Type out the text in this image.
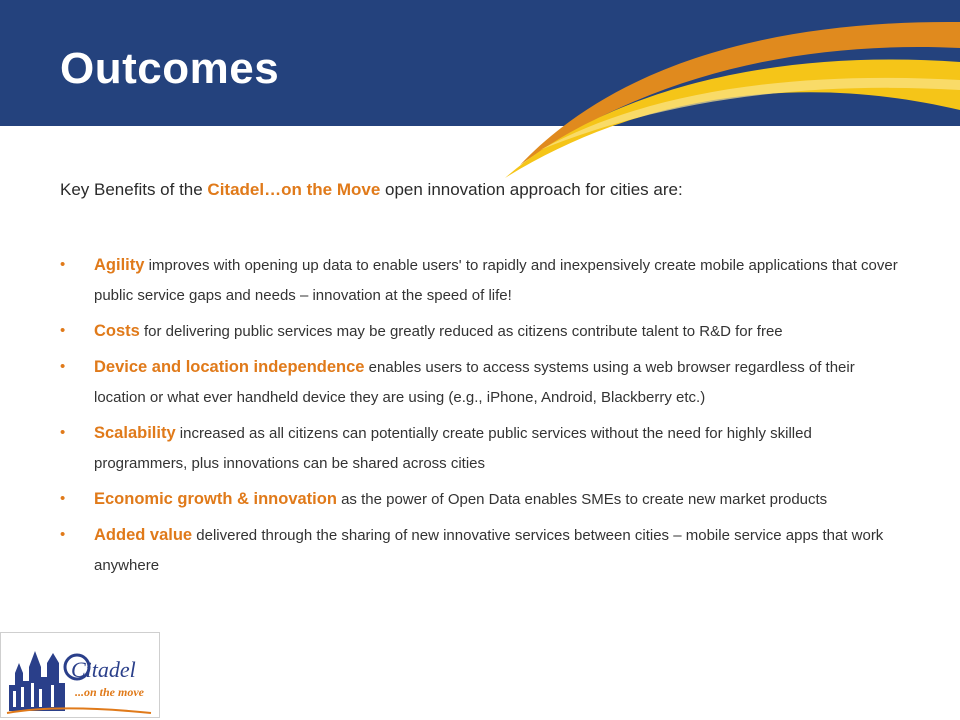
Outcomes
Key Benefits of the Citadel…on the Move open innovation approach for cities are:
• Agility improves with opening up data to enable users' to rapidly and inexpensively create mobile applications that cover public service gaps and needs – innovation at the speed of life!
• Costs for delivering public services may be greatly reduced as citizens contribute talent to R&D for free
• Device and location independence enables users to access systems using a web browser regardless of their location or what ever handheld device they are using (e.g., iPhone, Android, Blackberry etc.)
• Scalability increased as all citizens can potentially create public services without the need for highly skilled programmers, plus innovations can be shared across cities
• Economic growth & innovation as the power of Open Data enables SMEs to create new market products
• Added value delivered through the sharing of new innovative services between cities – mobile service apps that work anywhere
Citadel
...on the move
